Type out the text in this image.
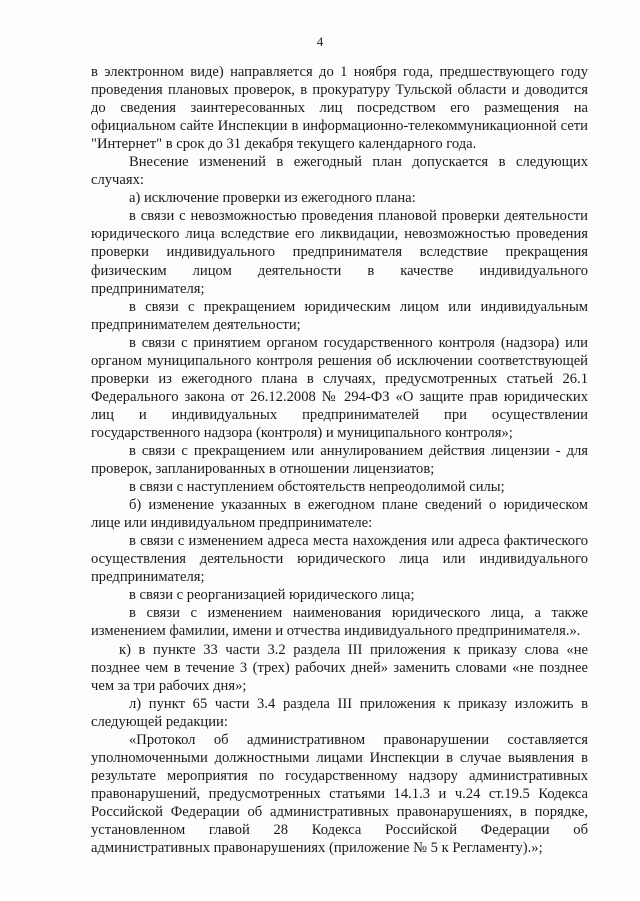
4

в электронном виде) направляется до 1 ноября года, предшествующего году проведения плановых проверок, в прокуратуру Тульской области и доводится до сведения заинтересованных лиц посредством его размещения на официальном сайте Инспекции в информационно-телекоммуникационной сети "Интернет" в срок до 31 декабря текущего календарного года.

Внесение изменений в ежегодный план допускается в следующих случаях:

а) исключение проверки из ежегодного плана:

в связи с невозможностью проведения плановой проверки деятельности юридического лица вследствие его ликвидации, невозможностью проведения проверки индивидуального предпринимателя вследствие прекращения физическим лицом деятельности в качестве индивидуального предпринимателя;

в связи с прекращением юридическим лицом или индивидуальным предпринимателем деятельности;

в связи с принятием органом государственного контроля (надзора) или органом муниципального контроля решения об исключении соответствующей проверки из ежегодного плана в случаях, предусмотренных статьей 26.1 Федерального закона от 26.12.2008 № 294-ФЗ «О защите прав юридических лиц и индивидуальных предпринимателей при осуществлении государственного надзора (контроля) и муниципального контроля»;

в связи с прекращением или аннулированием действия лицензии - для проверок, запланированных в отношении лицензиатов;

в связи с наступлением обстоятельств непреодолимой силы;

б) изменение указанных в ежегодном плане сведений о юридическом лице или индивидуальном предпринимателе:

в связи с изменением адреса места нахождения или адреса фактического осуществления деятельности юридического лица или индивидуального предпринимателя;

в связи с реорганизацией юридического лица;

в связи с изменением наименования юридического лица, а также изменением фамилии, имени и отчества индивидуального предпринимателя.».

к) в пункте 33 части 3.2 раздела III приложения к приказу слова «не позднее чем в течение 3 (трех) рабочих дней» заменить словами «не позднее чем за три рабочих дня»;

л) пункт 65 части 3.4 раздела III приложения к приказу изложить в следующей редакции:

«Протокол об административном правонарушении составляется уполномоченными должностными лицами Инспекции в случае выявления в результате мероприятия по государственному надзору административных правонарушений, предусмотренных статьями 14.1.3 и ч.24 ст.19.5 Кодекса Российской Федерации об административных правонарушениях, в порядке, установленном главой 28 Кодекса Российской Федерации об административных правонарушениях (приложение № 5 к Регламенту).»;
